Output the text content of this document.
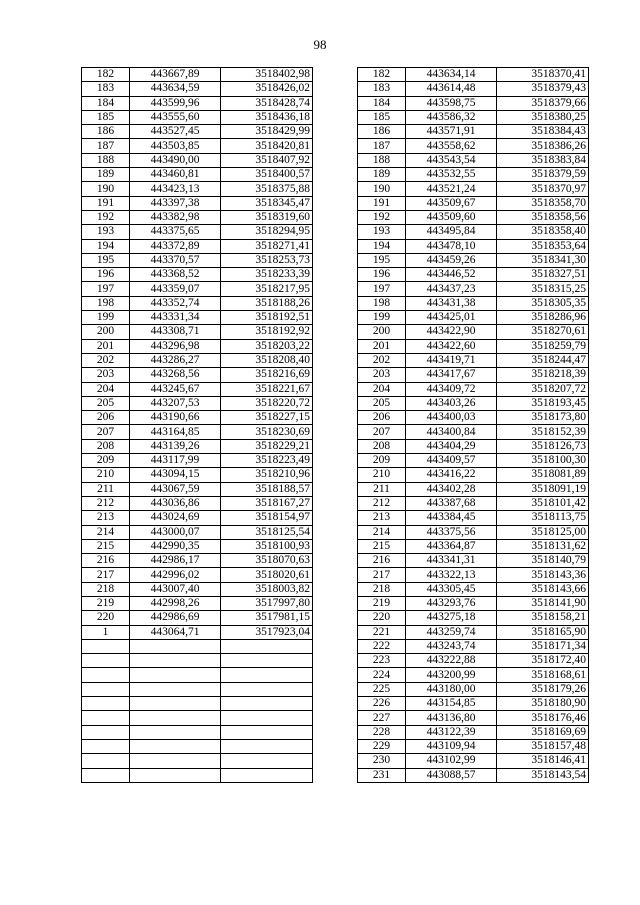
98
182	443667,89	3518402,98		182	443634,14	3518370,41
183	443634,59	3518426,02		183	443614,48	3518379,43
184	443599,96	3518428,74		184	443598,75	3518379,66
185	443555,60	3518436,18		185	443586,32	3518380,25
186	443527,45	3518429,99		186	443571,91	3518384,43
187	443503,85	3518420,81		187	443558,62	3518386,26
188	443490,00	3518407,92		188	443543,54	3518383,84
189	443460,81	3518400,57		189	443532,55	3518379,59
190	443423,13	3518375,88		190	443521,24	3518370,97
191	443397,38	3518345,47		191	443509,67	3518358,70
192	443382,98	3518319,60		192	443509,60	3518358,56
193	443375,65	3518294,95		193	443495,84	3518358,40
194	443372,89	3518271,41		194	443478,10	3518353,64
195	443370,57	3518253,73		195	443459,26	3518341,30
196	443368,52	3518233,39		196	443446,52	3518327,51
197	443359,07	3518217,95		197	443437,23	3518315,25
198	443352,74	3518188,26		198	443431,38	3518305,35
199	443331,34	3518192,51		199	443425,01	3518286,96
200	443308,71	3518192,92		200	443422,90	3518270,61
201	443296,98	3518203,22		201	443422,60	3518259,79
202	443286,27	3518208,40		202	443419,71	3518244,47
203	443268,56	3518216,69		203	443417,67	3518218,39
204	443245,67	3518221,67		204	443409,72	3518207,72
205	443207,53	3518220,72		205	443403,26	3518193,45
206	443190,66	3518227,15		206	443400,03	3518173,80
207	443164,85	3518230,69		207	443400,84	3518152,39
208	443139,26	3518229,21		208	443404,29	3518126,73
209	443117,99	3518223,49		209	443409,57	3518100,30
210	443094,15	3518210,96		210	443416,22	3518081,89
211	443067,59	3518188,57		211	443402,28	3518091,19
212	443036,86	3518167,27		212	443387,68	3518101,42
213	443024,69	3518154,97		213	443384,45	3518113,75
214	443000,07	3518125,54		214	443375,56	3518125,00
215	442990,35	3518100,93		215	443364,87	3518131,62
216	442986,17	3518070,63		216	443341,31	3518140,79
217	442996,02	3518020,61		217	443322,13	3518143,36
218	443007,40	3518003,82		218	443305,45	3518143,66
219	442998,26	3517997,80		219	443293,76	3518141,90
220	442986,69	3517981,15		220	443275,18	3518158,21
1	443064,71	3517923,04		221	443259,74	3518165,90
				222	443243,74	3518171,34
				223	443222,88	3518172,40
				224	443200,99	3518168,61
				225	443180,00	3518179,26
				226	443154,85	3518180,90
				227	443136,80	3518176,46
				228	443122,39	3518169,69
				229	443109,94	3518157,48
				230	443102,99	3518146,41
				231	443088,57	3518143,54
